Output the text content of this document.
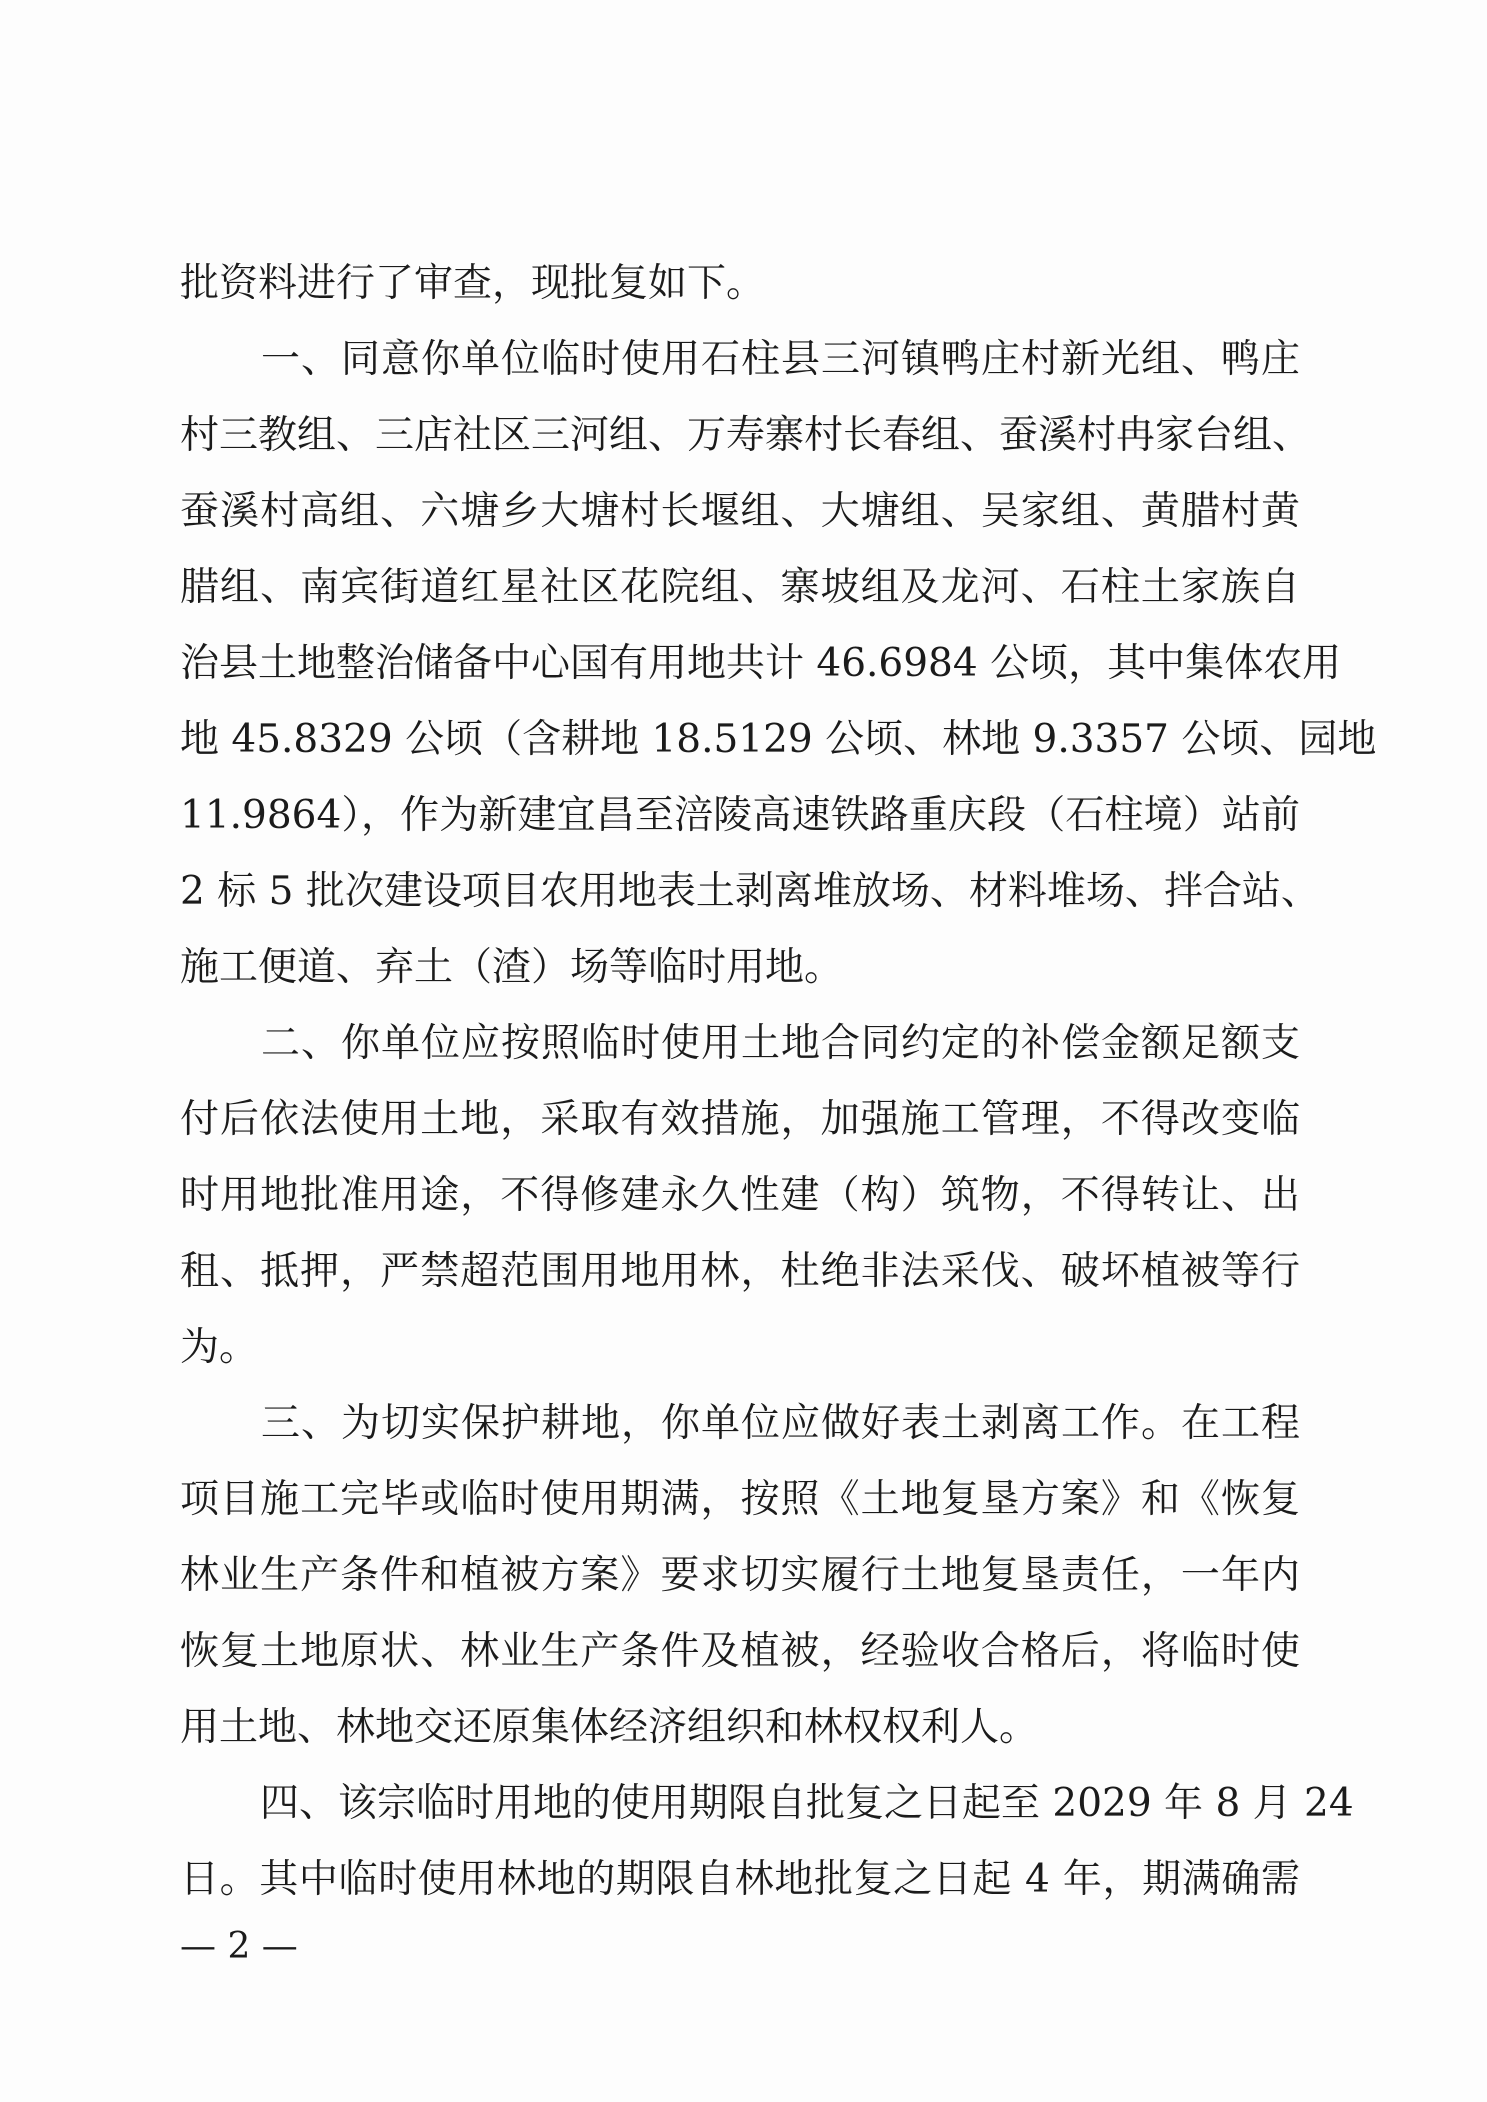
批资料进行了审查，现批复如下。
一、同意你单位临时使用石柱县三河镇鸭庄村新光组、鸭庄
村三教组、三店社区三河组、万寿寨村长春组、蚕溪村冉家台组、
蚕溪村高组、六塘乡大塘村长堰组、大塘组、吴家组、黄腊村黄
腊组、南宾街道红星社区花院组、寨坡组及龙河、石柱土家族自
治县土地整治储备中心国有用地共计 46.6984 公顷，其中集体农用
地 45.8329 公顷（含耕地 18.5129 公顷、林地 9.3357 公顷、园地
11.9864），作为新建宜昌至涪陵高速铁路重庆段（石柱境）站前
2 标 5 批次建设项目农用地表土剥离堆放场、材料堆场、拌合站、
施工便道、弃土（渣）场等临时用地。
二、你单位应按照临时使用土地合同约定的补偿金额足额支
付后依法使用土地，采取有效措施，加强施工管理，不得改变临
时用地批准用途，不得修建永久性建（构）筑物，不得转让、出
租、抵押，严禁超范围用地用林，杜绝非法采伐、破坏植被等行
为。
三、为切实保护耕地，你单位应做好表土剥离工作。在工程
项目施工完毕或临时使用期满，按照《土地复垦方案》和《恢复
林业生产条件和植被方案》要求切实履行土地复垦责任，一年内
恢复土地原状、林业生产条件及植被，经验收合格后，将临时使
用土地、林地交还原集体经济组织和林权权利人。
四、该宗临时用地的使用期限自批复之日起至 2029 年 8 月 24
日。其中临时使用林地的期限自林地批复之日起 4 年，期满确需
— 2 —
